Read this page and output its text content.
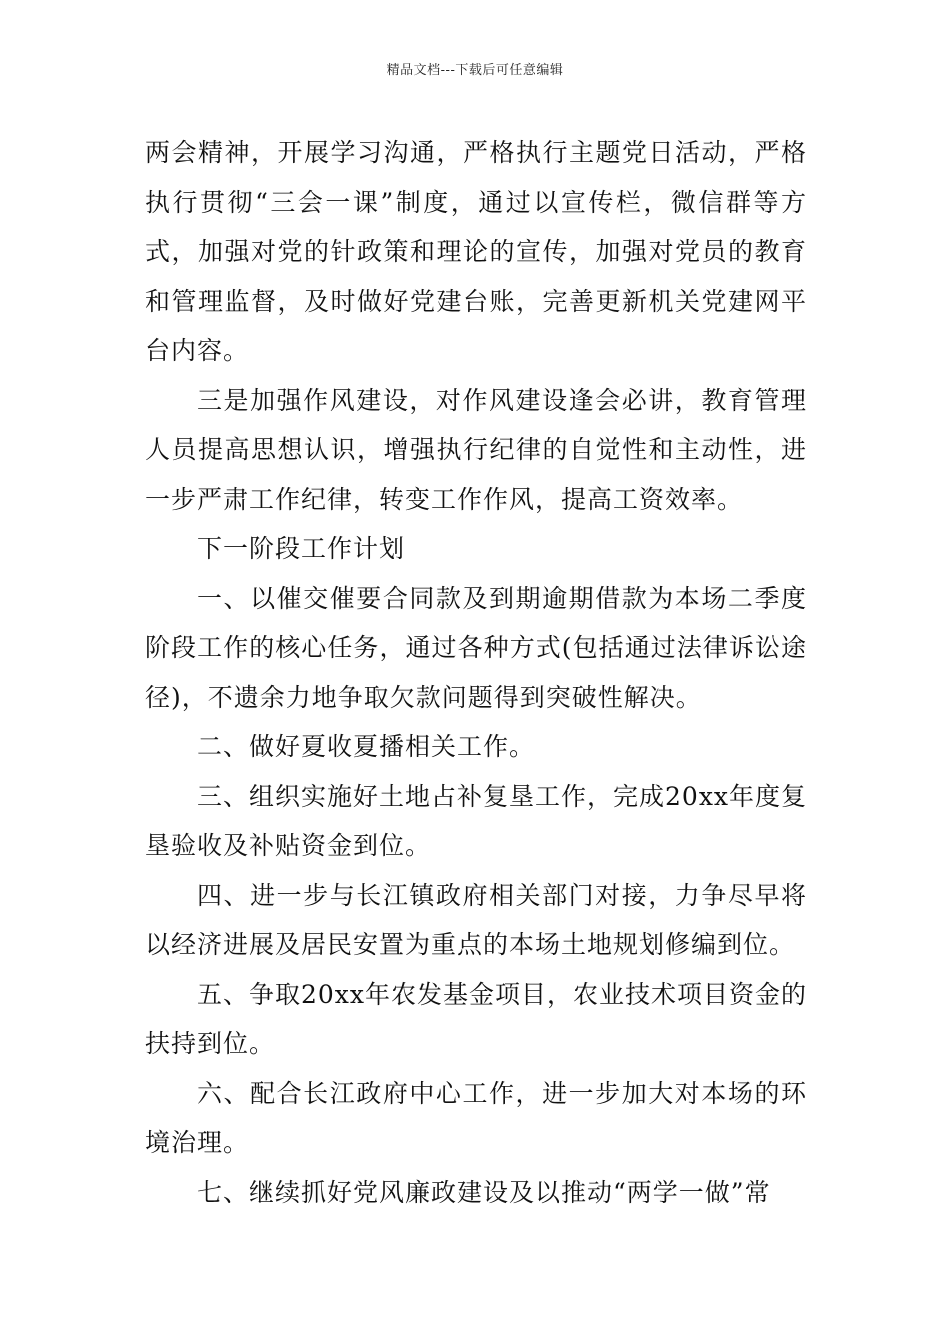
精品文档---下载后可任意编辑

两会精神，开展学习沟通，严格执行主题党日活动，严格执行贯彻“三会一课”制度，通过以宣传栏，微信群等方式，加强对党的针政策和理论的宣传，加强对党员的教育和管理监督，及时做好党建台账，完善更新机关党建网平台内容。

三是加强作风建设，对作风建设逢会必讲，教育管理人员提高思想认识，增强执行纪律的自觉性和主动性，进一步严肃工作纪律，转变工作作风，提高工资效率。

下一阶段工作计划

一、以催交催要合同款及到期逾期借款为本场二季度阶段工作的核心任务，通过各种方式(包括通过法律诉讼途径)，不遗余力地争取欠款问题得到突破性解决。

二、做好夏收夏播相关工作。

三、组织实施好土地占补复垦工作，完成20xx年度复垦验收及补贴资金到位。

四、进一步与长江镇政府相关部门对接，力争尽早将以经济进展及居民安置为重点的本场土地规划修编到位。

五、争取20xx年农发基金项目，农业技术项目资金的扶持到位。

六、配合长江政府中心工作，进一步加大对本场的环境治理。

七、继续抓好党风廉政建设及以推动“两学一做”常
